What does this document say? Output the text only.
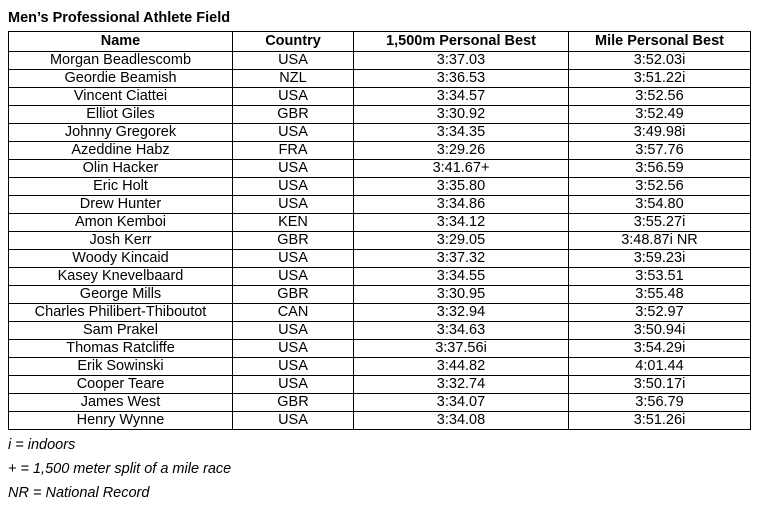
Men’s Professional Athlete Field
Name	Country	1,500m Personal Best	Mile Personal Best
Morgan Beadlescomb	USA	3:37.03	3:52.03i
Geordie Beamish	NZL	3:36.53	3:51.22i
Vincent Ciattei	USA	3:34.57	3:52.56
Elliot Giles	GBR	3:30.92	3:52.49
Johnny Gregorek	USA	3:34.35	3:49.98i
Azeddine Habz	FRA	3:29.26	3:57.76
Olin Hacker	USA	3:41.67+	3:56.59
Eric Holt	USA	3:35.80	3:52.56
Drew Hunter	USA	3:34.86	3:54.80
Amon Kemboi	KEN	3:34.12	3:55.27i
Josh Kerr	GBR	3:29.05	3:48.87i NR
Woody Kincaid	USA	3:37.32	3:59.23i
Kasey Knevelbaard	USA	3:34.55	3:53.51
George Mills	GBR	3:30.95	3:55.48
Charles Philibert-Thiboutot	CAN	3:32.94	3:52.97
Sam Prakel	USA	3:34.63	3:50.94i
Thomas Ratcliffe	USA	3:37.56i	3:54.29i
Erik Sowinski	USA	3:44.82	4:01.44
Cooper Teare	USA	3:32.74	3:50.17i
James West	GBR	3:34.07	3:56.79
Henry Wynne	USA	3:34.08	3:51.26i
i = indoors
+ = 1,500 meter split of a mile race
NR = National Record
